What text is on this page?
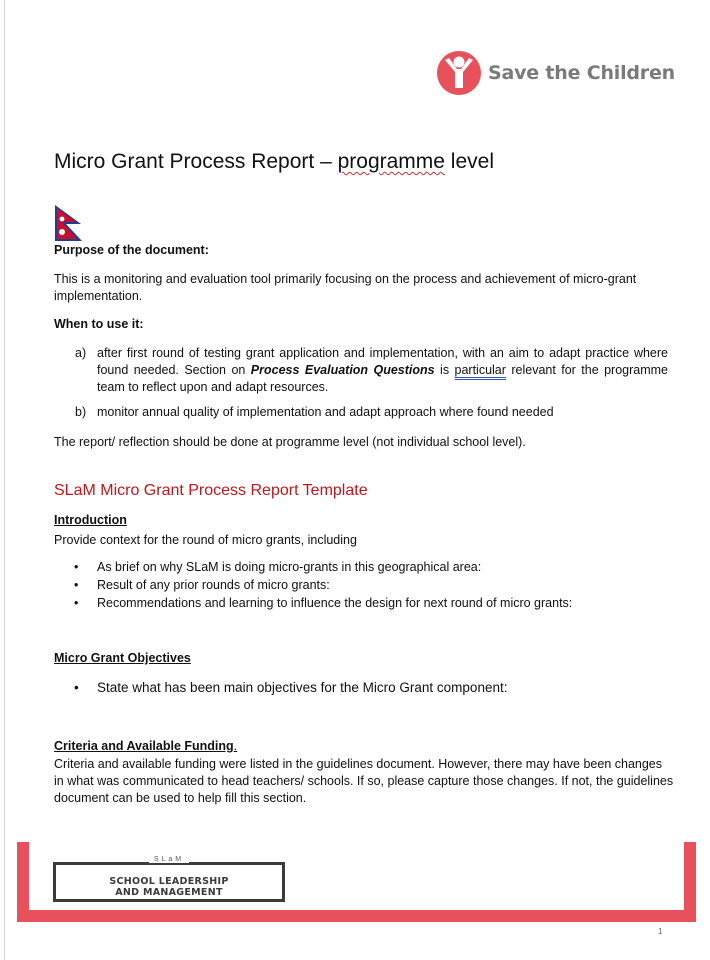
Save the Children
Micro Grant Process Report – programme level
Purpose of the document:
This is a monitoring and evaluation tool primarily focusing on the process and achievement of micro-grant implementation.
When to use it:
a) after first round of testing grant application and implementation, with an aim to adapt practice where found needed. Section on Process Evaluation Questions is particular relevant for the programme team to reflect upon and adapt resources.
b) monitor annual quality of implementation and adapt approach where found needed
The report/ reflection should be done at programme level (not individual school level).
SLaM Micro Grant Process Report Template
Introduction
Provide context for the round of micro grants, including
•	As brief on why SLaM is doing micro-grants in this geographical area:
•	Result of any prior rounds of micro grants:
•	Recommendations and learning to influence the design for next round of micro grants:
Micro Grant Objectives
•	State what has been main objectives for the Micro Grant component:
Criteria and Available Funding.
Criteria and available funding were listed in the guidelines document. However, there may have been changes in what was communicated to head teachers/ schools. If so, please capture those changes. If not, the guidelines document can be used to help fill this section.
SLaM
SCHOOL LEADERSHIP
AND MANAGEMENT
1
